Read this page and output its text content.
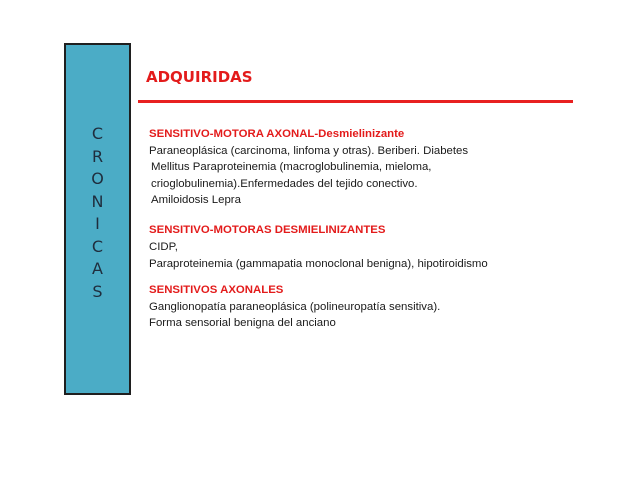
C
R
O
N
I
C
A
S
ADQUIRIDAS
SENSITIVO-MOTORA AXONAL-Desmielinizante
Paraneoplásica (carcinoma, linfoma y otras). Beriberi. Diabetes
Mellitus Paraproteinemia (macroglobulinemia, mieloma,
crioglobulinemia).Enfermedades del tejido conectivo.
Amiloidosis Lepra
SENSITIVO-MOTORAS DESMIELINIZANTES
CIDP,
Paraproteinemia (gammapatia monoclonal benigna), hipotiroidismo
SENSITIVOS AXONALES
Ganglionopatía paraneoplásica (polineuropatía sensitiva).
Forma sensorial benigna del anciano
